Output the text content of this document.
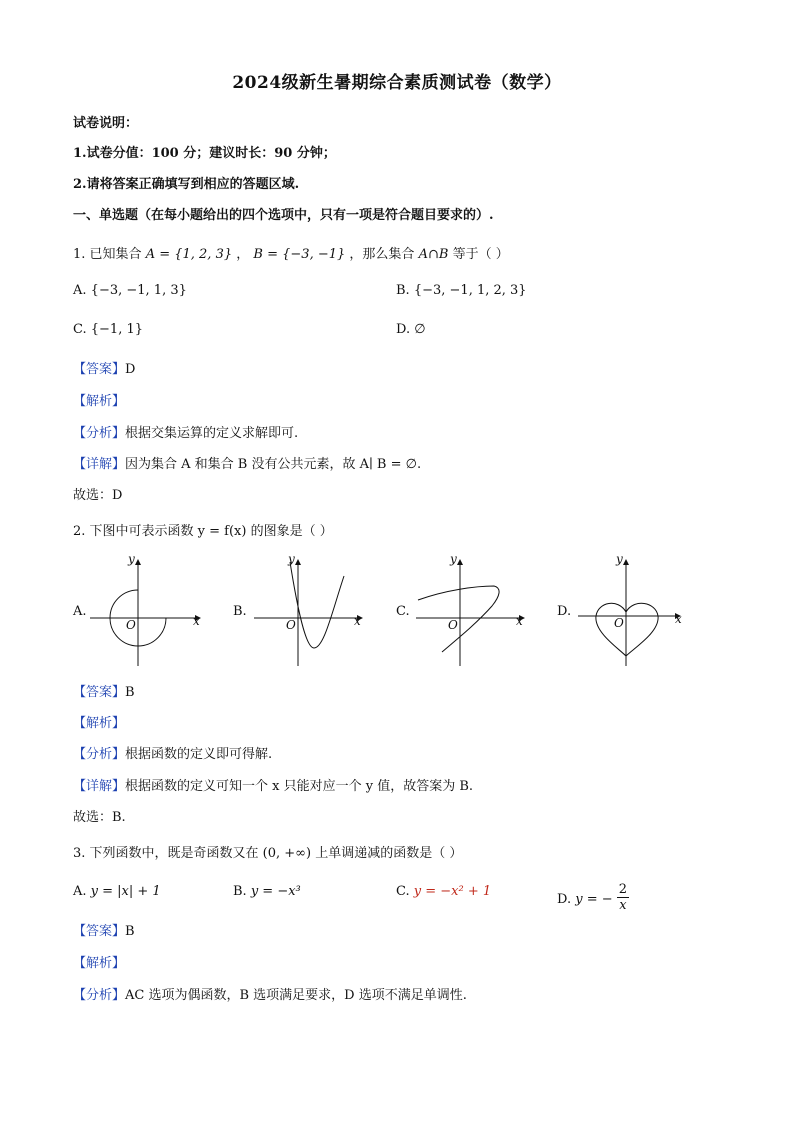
2024级新生暑期综合素质测试卷（数学）
试卷说明：
1.试卷分值：100 分；建议时长：90 分钟；
2.请将答案正确填写到相应的答题区域.
一、单选题（在每小题给出的四个选项中，只有一项是符合题目要求的）.
1. 已知集合 A = {1, 2, 3} ， B = {−3, −1} ，那么集合 A∩B 等于（ ）
A. {−3, −1, 1, 3}	B. {−3, −1, 1, 2, 3}
C. {−1, 1}	D. ∅
【答案】D
【解析】
【分析】根据交集运算的定义求解即可.
【详解】因为集合 A 和集合 B 没有公共元素，故 A∣ B = ∅.
故选：D
2. 下图中可表示函数 y = f(x) 的图象是（ ）
A.
y
x
O
B.
y
x
O
C.
y
x
O
D.
y
x
O
【答案】B
【解析】
【分析】根据函数的定义即可得解.
【详解】根据函数的定义可知一个 x 只能对应一个 y 值，故答案为 B.
故选：B.
3. 下列函数中，既是奇函数又在 (0, +∞) 上单调递减的函数是（ ）
A. y = |x| + 1	B. y = −x³	C. y = −x² + 1
D. y = − $\frac{2}{x}$
【答案】B
【解析】
【分析】AC 选项为偶函数，B 选项满足要求，D 选项不满足单调性.
